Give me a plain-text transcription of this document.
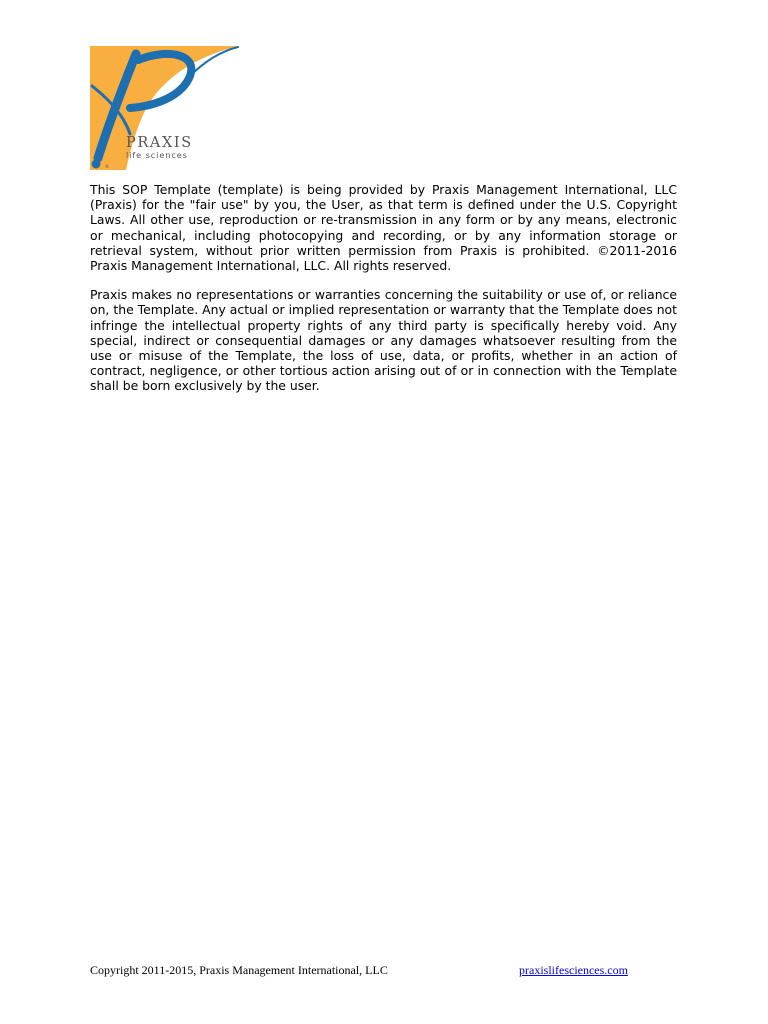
®
PRAXIS
life sciences

This SOP Template (template) is being provided by Praxis Management International, LLC (Praxis) for the "fair use" by you, the User, as that term is defined under the U.S. Copyright Laws. All other use, reproduction or re-transmission in any form or by any means, electronic or mechanical, including photocopying and recording, or by any information storage or retrieval system, without prior written permission from Praxis is prohibited. ©2011-2016 Praxis Management International, LLC. All rights reserved.

Praxis makes no representations or warranties concerning the suitability or use of, or reliance on, the Template. Any actual or implied representation or warranty that the Template does not infringe the intellectual property rights of any third party is specifically hereby void. Any special, indirect or consequential damages or any damages whatsoever resulting from the use or misuse of the Template, the loss of use, data, or profits, whether in an action of contract, negligence, or other tortious action arising out of or in connection with the Template shall be born exclusively by the user.

Copyright 2011-2015, Praxis Management International, LLC	praxislifesciences.com
